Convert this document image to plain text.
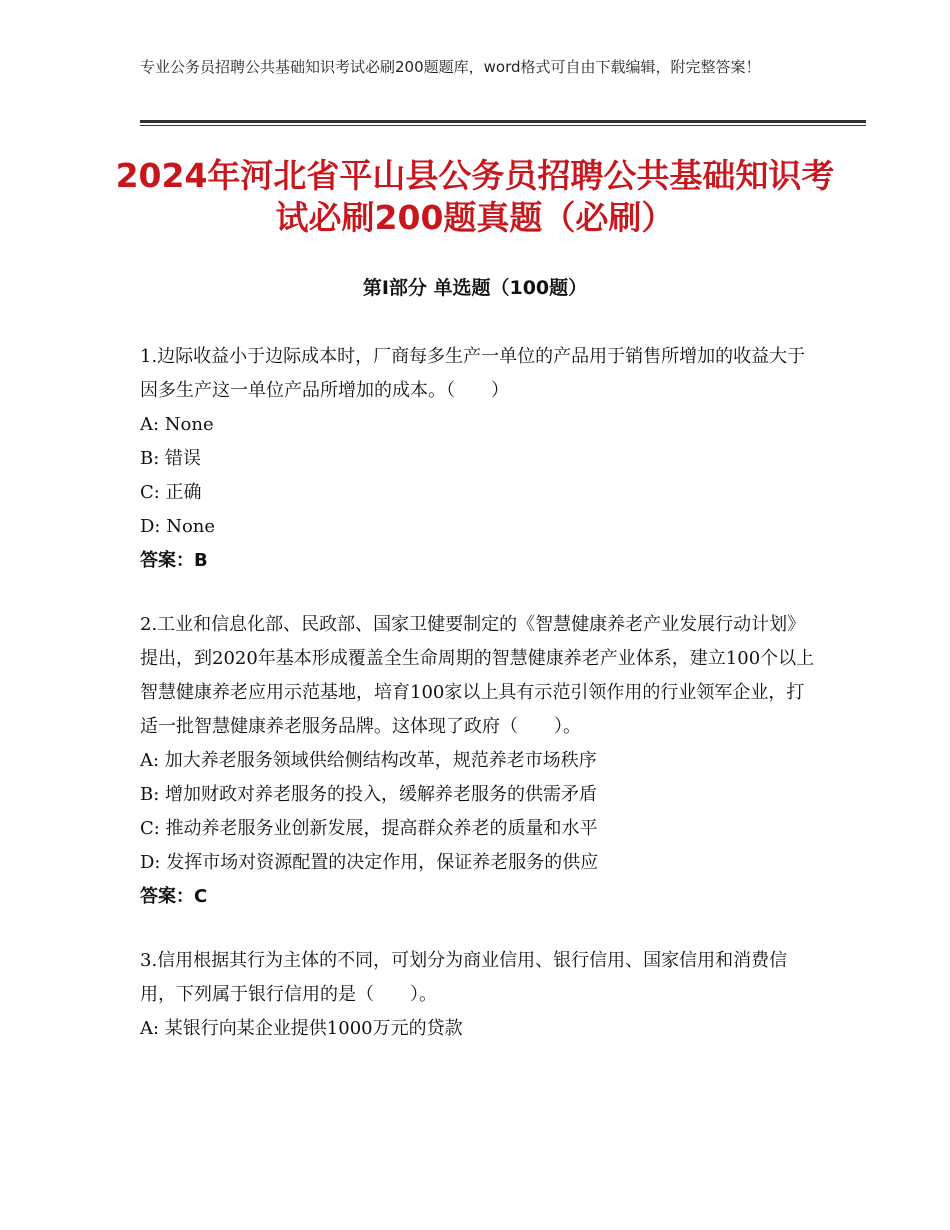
专业公务员招聘公共基础知识考试必刷200题题库，word格式可自由下载编辑，附完整答案！
2024年河北省平山县公务员招聘公共基础知识考试必刷200题真题（必刷）
第Ⅰ部分 单选题（100题）

1.边际收益小于边际成本时，厂商每多生产一单位的产品用于销售所增加的收益大于因多生产这一单位产品所增加的成本。（　　）

A: None

B: 错误

C: 正确

D: None

答案：B

2.工业和信息化部、民政部、国家卫健要制定的《智慧健康养老产业发展行动计划》提出，到2020年基本形成覆盖全生命周期的智慧健康养老产业体系，建立100个以上智慧健康养老应用示范基地，培育100家以上具有示范引领作用的行业领军企业，打适一批智慧健康养老服务品牌。这体现了政府（　　）。

A: 加大养老服务领域供给侧结构改革，规范养老市场秩序

B: 增加财政对养老服务的投入，缓解养老服务的供需矛盾

C: 推动养老服务业创新发展，提高群众养老的质量和水平

D: 发挥市场对资源配置的决定作用，保证养老服务的供应

答案：C

3.信用根据其行为主体的不同，可划分为商业信用、银行信用、国家信用和消费信用，下列属于银行信用的是（　　）。

A: 某银行向某企业提供1000万元的贷款
